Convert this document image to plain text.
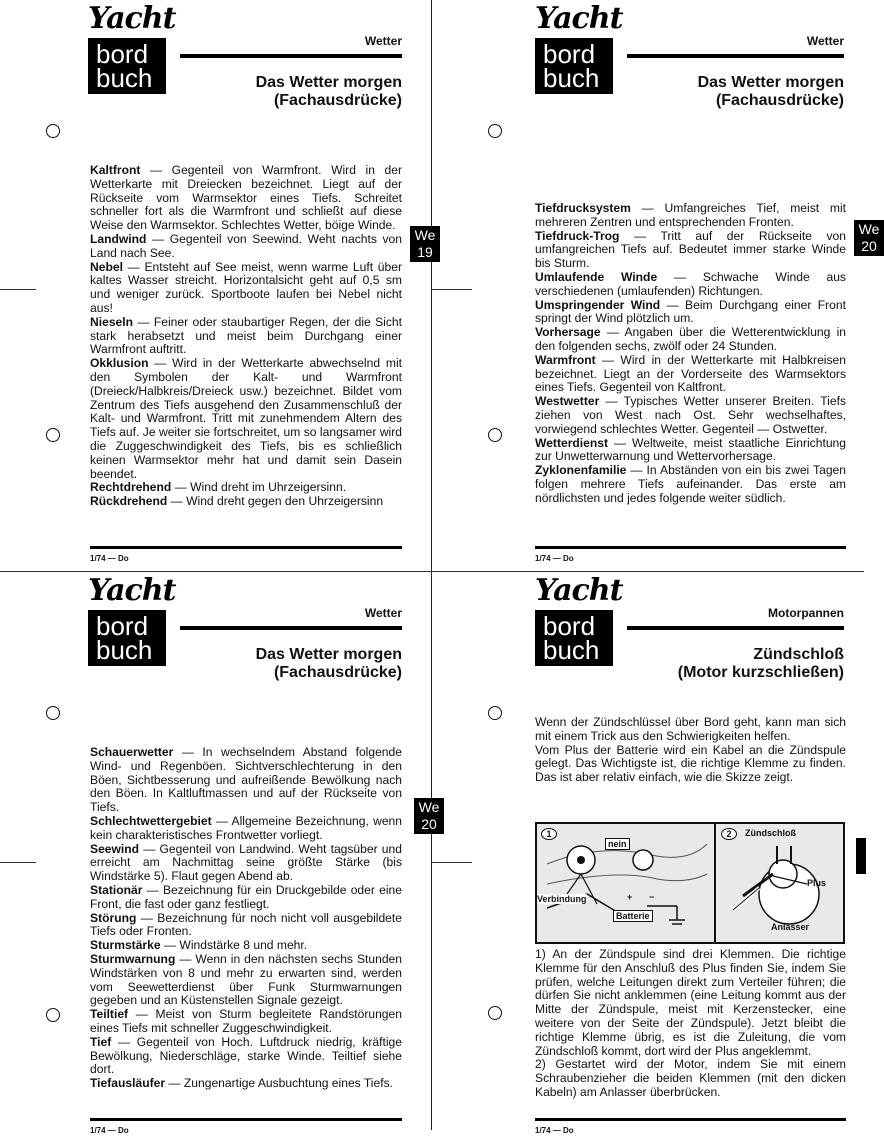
Yacht
bord
buch
Wetter
Das Wetter morgen
(Fachausdrücke)
We
19

Kaltfront — Gegenteil von Warmfront. Wird in der Wetterkarte mit Dreiecken bezeichnet. Liegt auf der Rückseite vom Warmsektor eines Tiefs. Schreitet schneller fort als die Warmfront und schließt auf diese Weise den Warmsektor. Schlechtes Wetter, böige Winde.

Landwind — Gegenteil von Seewind. Weht nachts von Land nach See.

Nebel — Entsteht auf See meist, wenn warme Luft über kaltes Wasser streicht. Horizontalsicht geht auf 0,5 sm und weniger zurück. Sportboote laufen bei Nebel nicht aus!

Nieseln — Feiner oder staubartiger Regen, der die Sicht stark herabsetzt und meist beim Durchgang einer Warmfront auftritt.

Okklusion — Wird in der Wetterkarte abwechselnd mit den Symbolen der Kalt- und Warmfront (Dreieck/Halbkreis/Dreieck usw.) bezeichnet. Bildet vom Zentrum des Tiefs ausgehend den Zusammenschluß der Kalt- und Warmfront. Tritt mit zunehmendem Altern des Tiefs auf. Je weiter sie fortschreitet, um so langsamer wird die Zuggeschwindigkeit des Tiefs, bis es schließlich keinen Warmsektor mehr hat und damit sein Dasein beendet.

Rechtdrehend — Wind dreht im Uhrzeigersinn.

Rückdrehend — Wind dreht gegen den Uhrzeigersinn

1/74 — Do
Yacht
bord
buch
Wetter
Das Wetter morgen
(Fachausdrücke)
We
20

Tiefdrucksystem — Umfangreiches Tief, meist mit mehreren Zentren und entsprechenden Fronten.

Tiefdruck-Trog — Tritt auf der Rückseite von umfangreichen Tiefs auf. Bedeutet immer starke Winde bis Sturm.

Umlaufende Winde — Schwache Winde aus verschiedenen (umlaufenden) Richtungen.

Umspringender Wind — Beim Durchgang einer Front springt der Wind plötzlich um.

Vorhersage — Angaben über die Wetterentwicklung in den folgenden sechs, zwölf oder 24 Stunden.

Warmfront — Wird in der Wetterkarte mit Halbkreisen bezeichnet. Liegt an der Vorderseite des Warmsektors eines Tiefs. Gegenteil von Kaltfront.

Westwetter — Typisches Wetter unserer Breiten. Tiefs ziehen von West nach Ost. Sehr wechselhaftes, vorwiegend schlechtes Wetter. Gegenteil — Ostwetter.

Wetterdienst — Weltweite, meist staatliche Einrichtung zur Unwetterwarnung und Wettervorhersage.

Zyklonenfamilie — In Abständen von ein bis zwei Tagen folgen mehrere Tiefs aufeinander. Das erste am nördlichsten und jedes folgende weiter südlich.

1/74 — Do
Yacht
bord
buch
Wetter
Das Wetter morgen
(Fachausdrücke)
We
20

Schauerwetter — In wechselndem Abstand folgende Wind- und Regenböen. Sichtverschlechterung in den Böen, Sichtbesserung und aufreißende Bewölkung nach den Böen. In Kaltluftmassen und auf der Rückseite von Tiefs.

Schlechtwettergebiet — Allgemeine Bezeichnung, wenn kein charakteristisches Frontwetter vorliegt.

Seewind — Gegenteil von Landwind. Weht tagsüber und erreicht am Nachmittag seine größte Stärke (bis Windstärke 5). Flaut gegen Abend ab.

Stationär — Bezeichnung für ein Druckgebilde oder eine Front, die fast oder ganz festliegt.

Störung — Bezeichnung für noch nicht voll ausgebildete Tiefs oder Fronten.

Sturmstärke — Windstärke 8 und mehr.

Sturmwarnung — Wenn in den nächsten sechs Stunden Windstärken von 8 und mehr zu erwarten sind, werden vom Seewetterdienst über Funk Sturmwarnungen gegeben und an Küstenstellen Signale gezeigt.

Teiltief — Meist von Sturm begleitete Randstörungen eines Tiefs mit schneller Zuggeschwindigkeit.

Tief — Gegenteil von Hoch. Luftdruck niedrig, kräftige Bewölkung, Niederschläge, starke Winde. Teiltief siehe dort.

Tiefausläufer — Zungenartige Ausbuchtung eines Tiefs.

1/74 — Do
Yacht
bord
buch
Motorpannen
Zündschloß
(Motor kurzschließen)

Wenn der Zündschlüssel über Bord geht, kann man sich mit einem Trick aus den Schwierigkeiten helfen.

Vom Plus der Batterie wird ein Kabel an die Zündspule gelegt. Das Wichtigste ist, die richtige Klemme zu finden. Das ist aber relativ einfach, wie die Skizze zeigt.

1	2
nein
Verbindung	+ −
Batterie
Zündschloß
Plus
Anlasser

1) An der Zündspule sind drei Klemmen. Die richtige Klemme für den Anschluß des Plus finden Sie, indem Sie prüfen, welche Leitungen direkt zum Verteiler führen; die dürfen Sie nicht anklemmen (eine Leitung kommt aus der Mitte der Zündspule, meist mit Kerzenstecker, eine weitere von der Seite der Zündspule). Jetzt bleibt die richtige Klemme übrig, es ist die Zuleitung, die vom Zündschloß kommt, dort wird der Plus angeklemmt.

2) Gestartet wird der Motor, indem Sie mit einem Schraubenzieher die beiden Klemmen (mit den dicken Kabeln) am Anlasser überbrücken.

1/74 — Do
